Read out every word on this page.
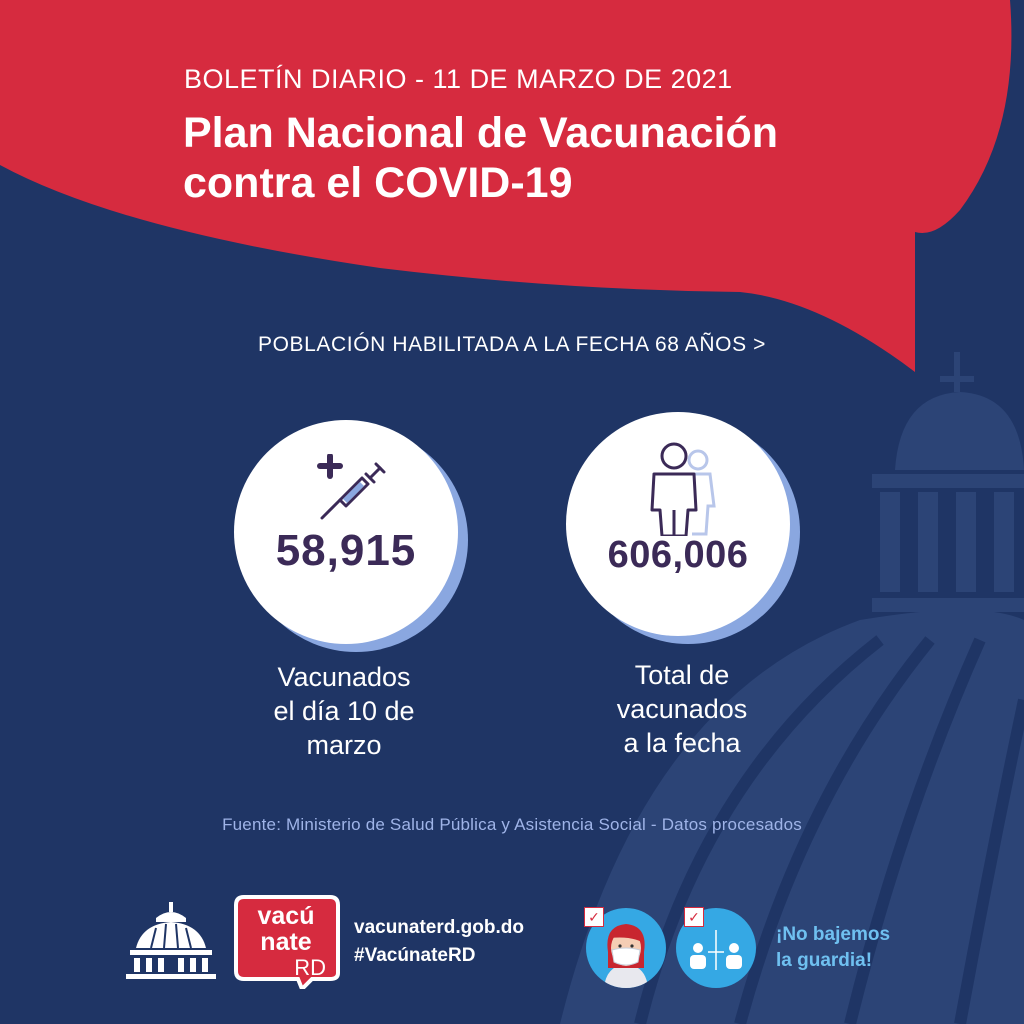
BOLETÍN DIARIO - 11 DE MARZO DE 2021
Plan Nacional de Vacunación
contra el COVID-19
POBLACIÓN HABILITADA A LA FECHA 68 AÑOS >
58,915
Vacunados
el día 10 de
marzo
606,006
Total de
vacunados
a la fecha
Fuente: Ministerio de Salud Pública y Asistencia Social - Datos procesados
vacú
nate
RD
vacunaterd.gob.do
#VacúnateRD
✓	✓
¡No bajemos
la guardia!
